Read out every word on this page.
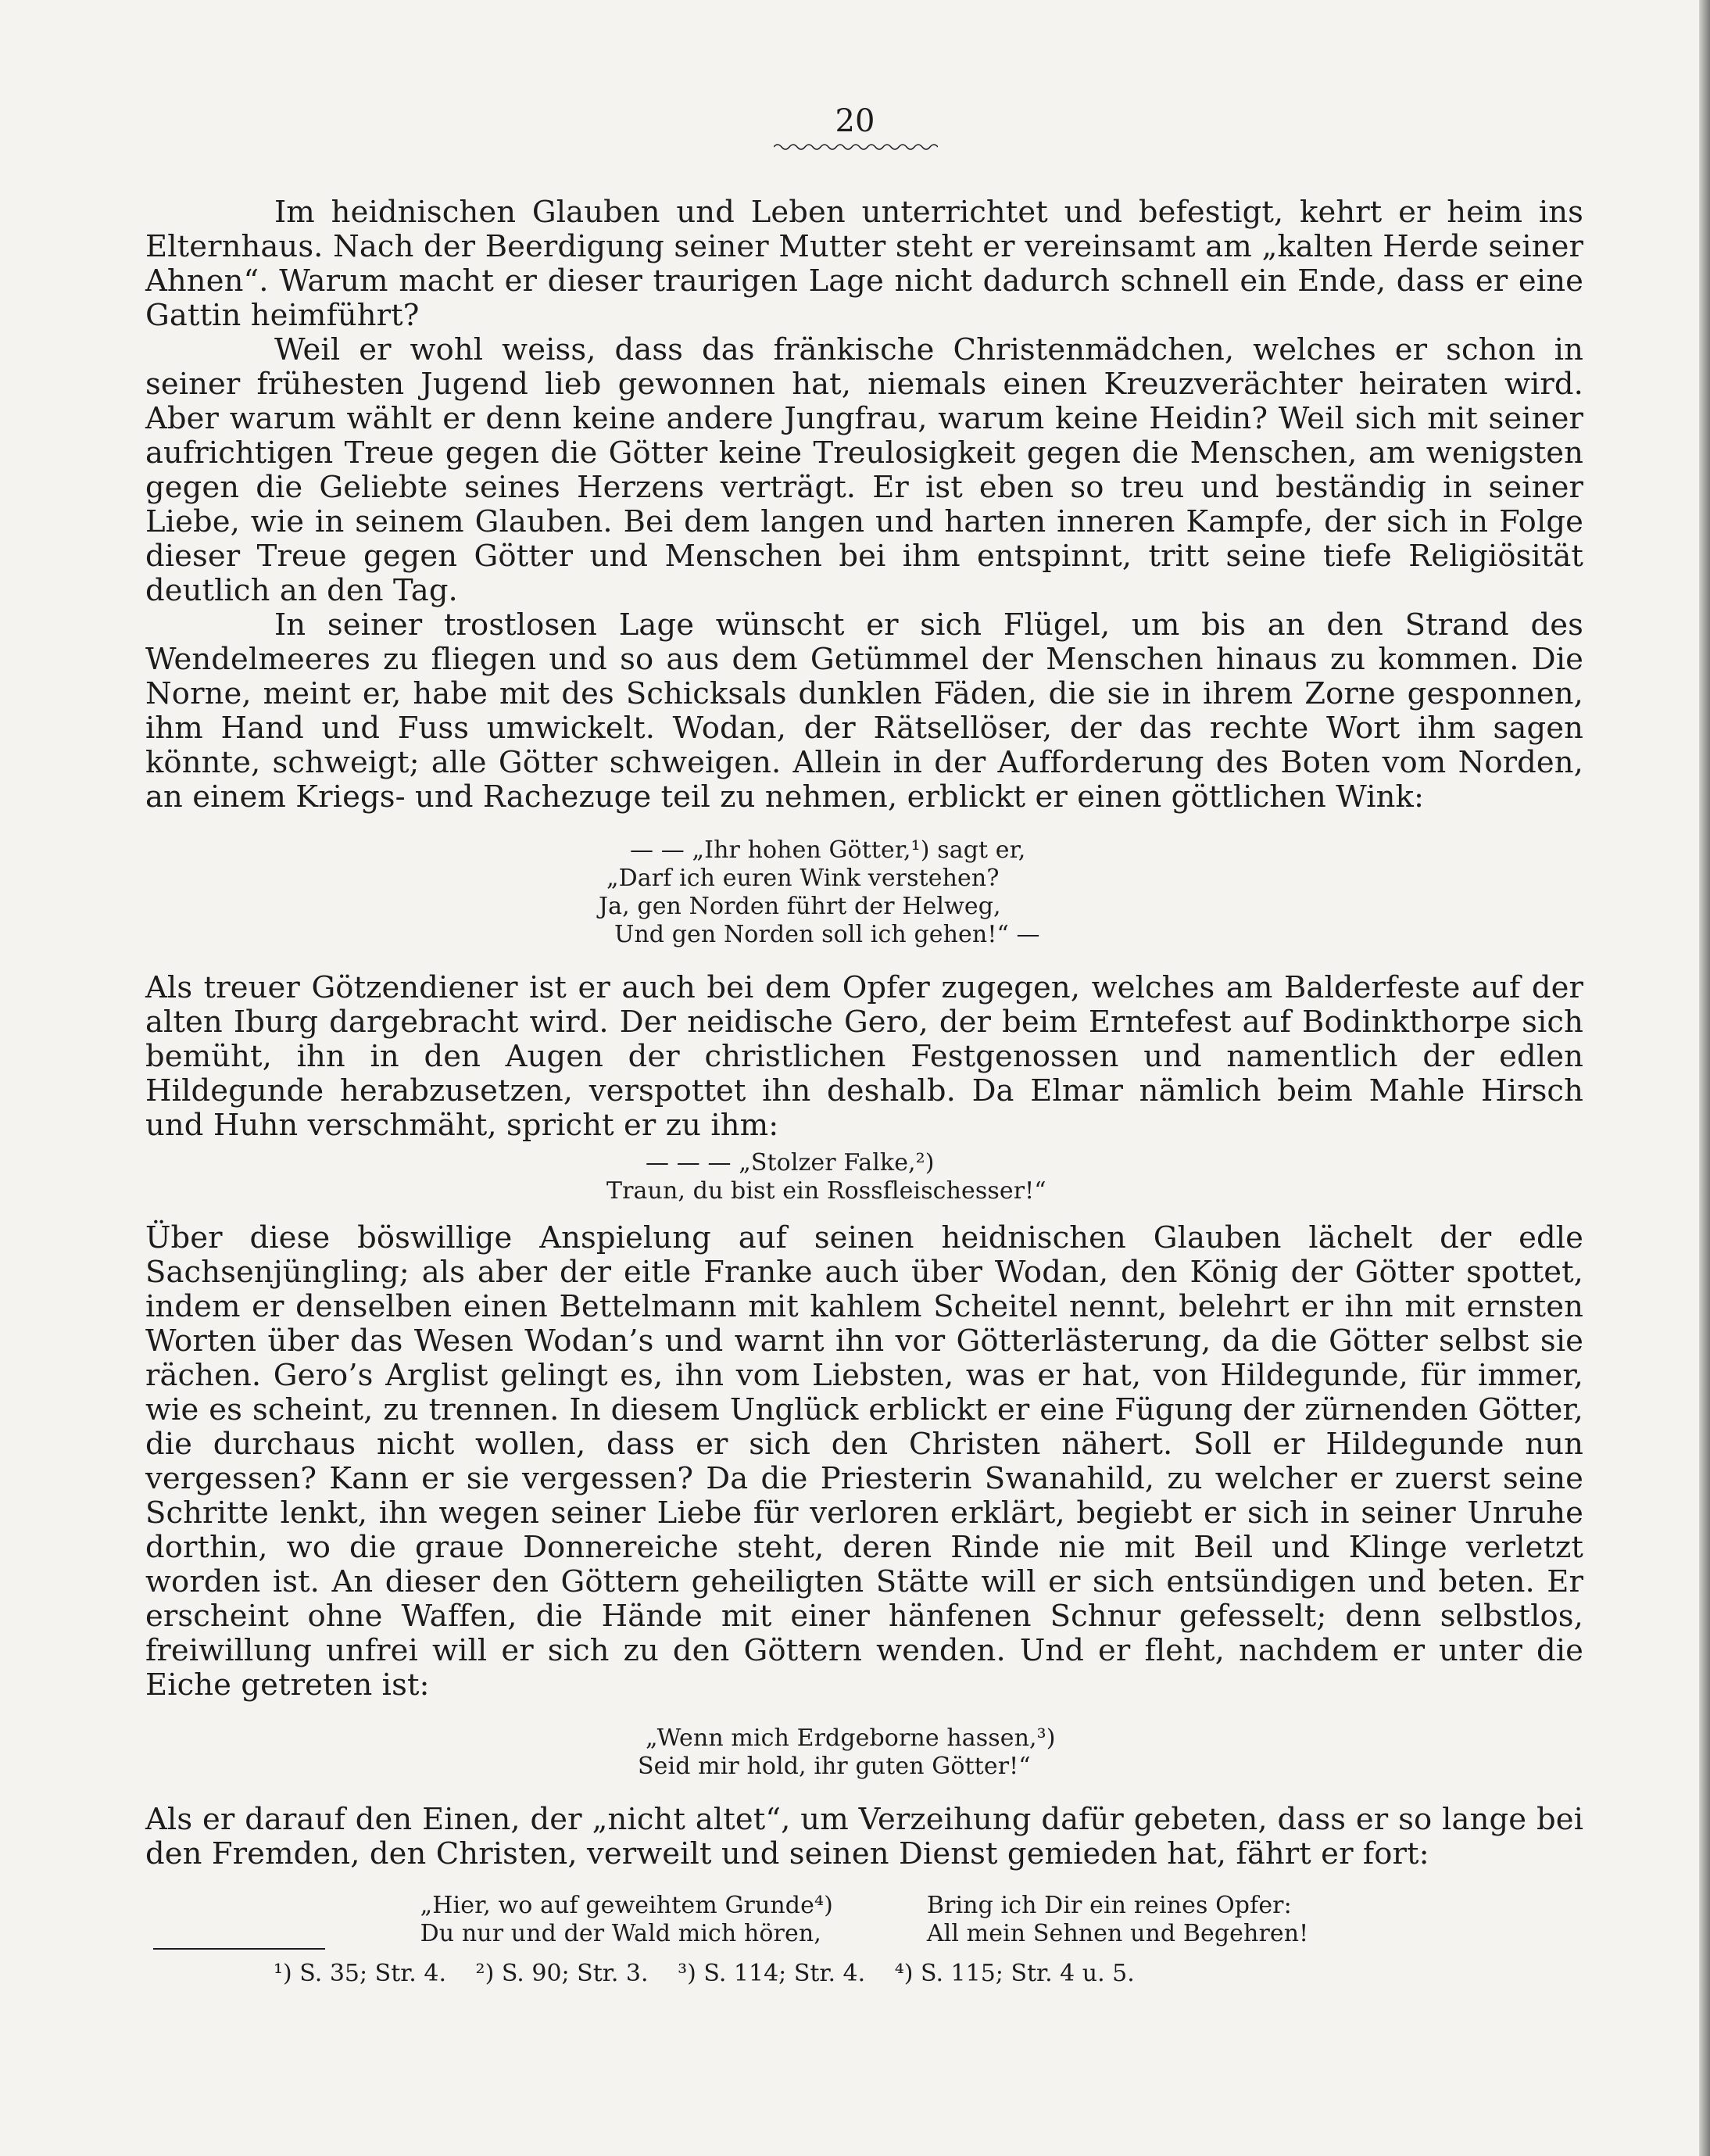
20

Im heidnischen Glauben und Leben unterrichtet und befestigt, kehrt er heim ins Elternhaus. Nach der Beerdigung seiner Mutter steht er vereinsamt am „kalten Herde seiner Ahnen“. Warum macht er dieser traurigen Lage nicht dadurch schnell ein Ende, dass er eine Gattin heimführt?

Weil er wohl weiss, dass das fränkische Christenmädchen, welches er schon in seiner frühesten Jugend lieb gewonnen hat, niemals einen Kreuzverächter heiraten wird. Aber warum wählt er denn keine andere Jungfrau, warum keine Heidin? Weil sich mit seiner aufrichtigen Treue gegen die Götter keine Treulosigkeit gegen die Menschen, am wenigsten gegen die Geliebte seines Herzens verträgt. Er ist eben so treu und beständig in seiner Liebe, wie in seinem Glauben. Bei dem langen und harten inneren Kampfe, der sich in Folge dieser Treue gegen Götter und Menschen bei ihm entspinnt, tritt seine tiefe Religiösität deutlich an den Tag.

In seiner trostlosen Lage wünscht er sich Flügel, um bis an den Strand des Wendelmeeres zu fliegen und so aus dem Getümmel der Menschen hinaus zu kommen. Die Norne, meint er, habe mit des Schicksals dunklen Fäden, die sie in ihrem Zorne gesponnen, ihm Hand und Fuss umwickelt. Wodan, der Rätsellöser, der das rechte Wort ihm sagen könnte, schweigt; alle Götter schweigen. Allein in der Aufforderung des Boten vom Norden, an einem Kriegs- und Rachezuge teil zu nehmen, erblickt er einen göttlichen Wink:

— — „Ihr hohen Götter,¹) sagt er,
„Darf ich euren Wink verstehen?
Ja, gen Norden führt der Helweg,
Und gen Norden soll ich gehen!“ —

Als treuer Götzendiener ist er auch bei dem Opfer zugegen, welches am Balderfeste auf der alten Iburg dargebracht wird. Der neidische Gero, der beim Erntefest auf Bodinkthorpe sich bemüht, ihn in den Augen der christlichen Festgenossen und namentlich der edlen Hildegunde herabzusetzen, verspottet ihn deshalb. Da Elmar nämlich beim Mahle Hirsch und Huhn verschmäht, spricht er zu ihm:

— — — „Stolzer Falke,²)
Traun, du bist ein Rossfleischesser!“

Über diese böswillige Anspielung auf seinen heidnischen Glauben lächelt der edle Sachsenjüngling; als aber der eitle Franke auch über Wodan, den König der Götter spottet, indem er denselben einen Bettelmann mit kahlem Scheitel nennt, belehrt er ihn mit ernsten Worten über das Wesen Wodan’s und warnt ihn vor Götterlästerung, da die Götter selbst sie rächen. Gero’s Arglist gelingt es, ihn vom Liebsten, was er hat, von Hildegunde, für immer, wie es scheint, zu trennen. In diesem Unglück erblickt er eine Fügung der zürnenden Götter, die durchaus nicht wollen, dass er sich den Christen nähert. Soll er Hildegunde nun vergessen? Kann er sie vergessen? Da die Priesterin Swanahild, zu welcher er zuerst seine Schritte lenkt, ihn wegen seiner Liebe für verloren erklärt, begiebt er sich in seiner Unruhe dorthin, wo die graue Donnereiche steht, deren Rinde nie mit Beil und Klinge verletzt worden ist. An dieser den Göttern geheiligten Stätte will er sich entsündigen und beten. Er erscheint ohne Waffen, die Hände mit einer hänfenen Schnur gefesselt; denn selbstlos, freiwillung unfrei will er sich zu den Göttern wenden. Und er fleht, nachdem er unter die Eiche getreten ist:

„Wenn mich Erdgeborne hassen,³)
Seid mir hold, ihr guten Götter!“

Als er darauf den Einen, der „nicht altet“, um Verzeihung dafür gebeten, dass er so lange bei den Fremden, den Christen, verweilt und seinen Dienst gemieden hat, fährt er fort:

„Hier, wo auf geweihtem Grunde⁴)
Du nur und der Wald mich hören,
Bring ich Dir ein reines Opfer:
All mein Sehnen und Begehren!
¹) S. 35; Str. 4. ²) S. 90; Str. 3. ³) S. 114; Str. 4. ⁴) S. 115; Str. 4 u. 5.
